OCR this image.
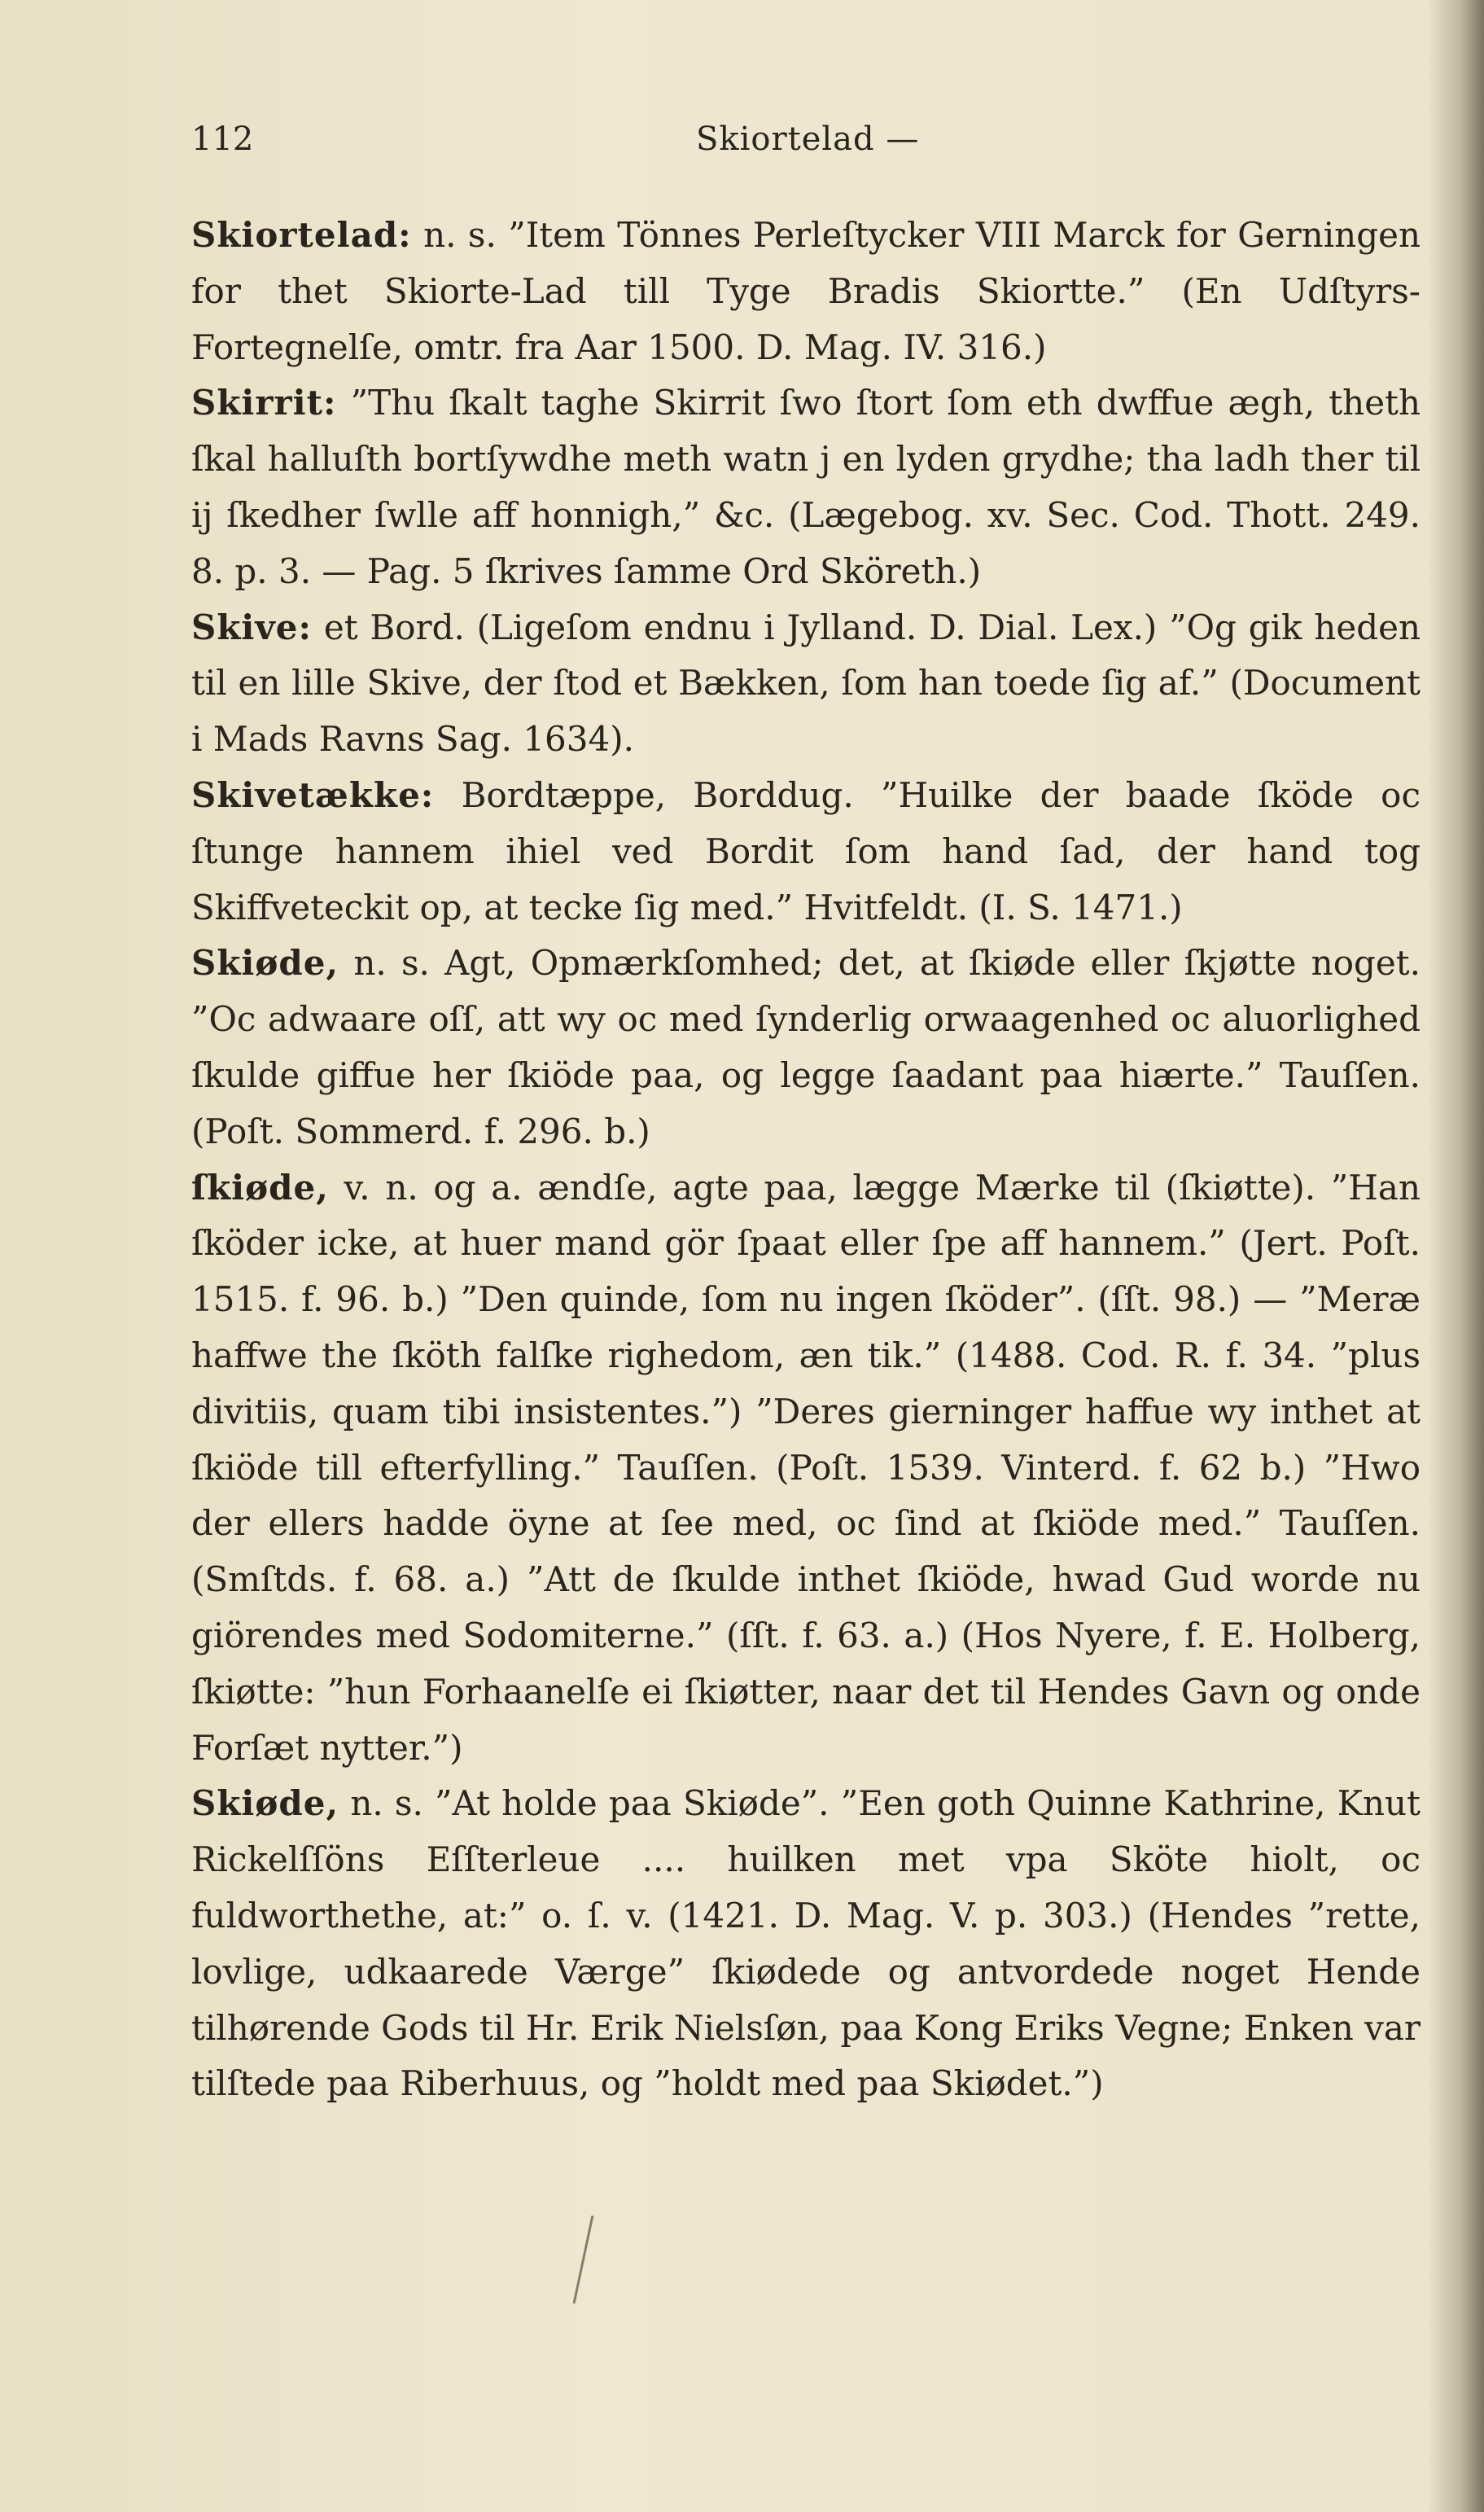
112	Skiortelad —
Skiortelad: n. s. ”Item Tönnes Perleſtycker VIII Marck for Gerningen for thet Skiorte-Lad till Tyge Bradis Skiortte.” (En Udſtyrs-Fortegnelſe, omtr. fra Aar 1500. D. Mag. IV. 316.)
Skirrit: ”Thu ſkalt taghe Skirrit ſwo ſtort ſom eth dwffue ægh, theth ſkal halluſth bortſywdhe meth watn j en lyden grydhe; tha ladh ther til ij ſkedher ſwlle aff honnigh,” &c. (Lægebog. xv. Sec. Cod. Thott. 249. 8. p. 3. — Pag. 5 ſkrives ſamme Ord Sköreth.)
Skive: et Bord. (Ligeſom endnu i Jylland. D. Dial. Lex.) ”Og gik heden til en lille Skive, der ſtod et Bækken, ſom han toede ſig af.” (Document i Mads Ravns Sag. 1634).
Skivetække: Bordtæppe, Borddug. ”Huilke der baade ſköde oc ſtunge hannem ihiel ved Bordit ſom hand ſad, der hand tog Skiffveteckit op, at tecke ſig med.” Hvitfeldt. (I. S. 1471.)
Skiøde, n. s. Agt, Opmærkſomhed; det, at ſkiøde eller ſkjøtte noget. ”Oc adwaare oſſ, att wy oc med ſynderlig orwaagenhed oc aluorlighed ſkulde giffue her ſkiöde paa, og legge ſaadant paa hiærte.” Tauſſen. (Poſt. Sommerd. f. 296. b.)
ſkiøde, v. n. og a. ændſe, agte paa, lægge Mærke til (ſkiøtte). ”Han ſköder icke, at huer mand gör ſpaat eller ſpe aff hannem.” (Jert. Poſt. 1515. f. 96. b.) ”Den quinde, ſom nu ingen ſköder”. (ſſt. 98.) — ”Meræ haffwe the ſköth falſke righedom, æn tik.” (1488. Cod. R. f. 34. ”plus divitiis, quam tibi insistentes.”) ”Deres gierninger haffue wy inthet at ſkiöde till efterfylling.” Tauſſen. (Poſt. 1539. Vinterd. f. 62 b.) ”Hwo der ellers hadde öyne at ſee med, oc ſind at ſkiöde med.” Tauſſen. (Smſtds. f. 68. a.) ”Att de ſkulde inthet ſkiöde, hwad Gud worde nu giörendes med Sodomiterne.” (ſſt. f. 63. a.) (Hos Nyere, f. E. Holberg, ſkiøtte: ”hun Forhaanelſe ei ſkiøtter, naar det til Hendes Gavn og onde Forſæt nytter.”)
Skiøde, n. s. ”At holde paa Skiøde”. ”Een goth Quinne Kathrine, Knut Rickelſſöns Eſſterleue .... huilken met vpa Sköte hiolt, oc fuldworthethe, at:” o. ſ. v. (1421. D. Mag. V. p. 303.) (Hendes ”rette, lovlige, udkaarede Værge” ſkiødede og antvordede noget Hende tilhørende Gods til Hr. Erik Nielsſøn, paa Kong Eriks Vegne; Enken var tilſtede paa Riberhuus, og ”holdt med paa Skiødet.”)
